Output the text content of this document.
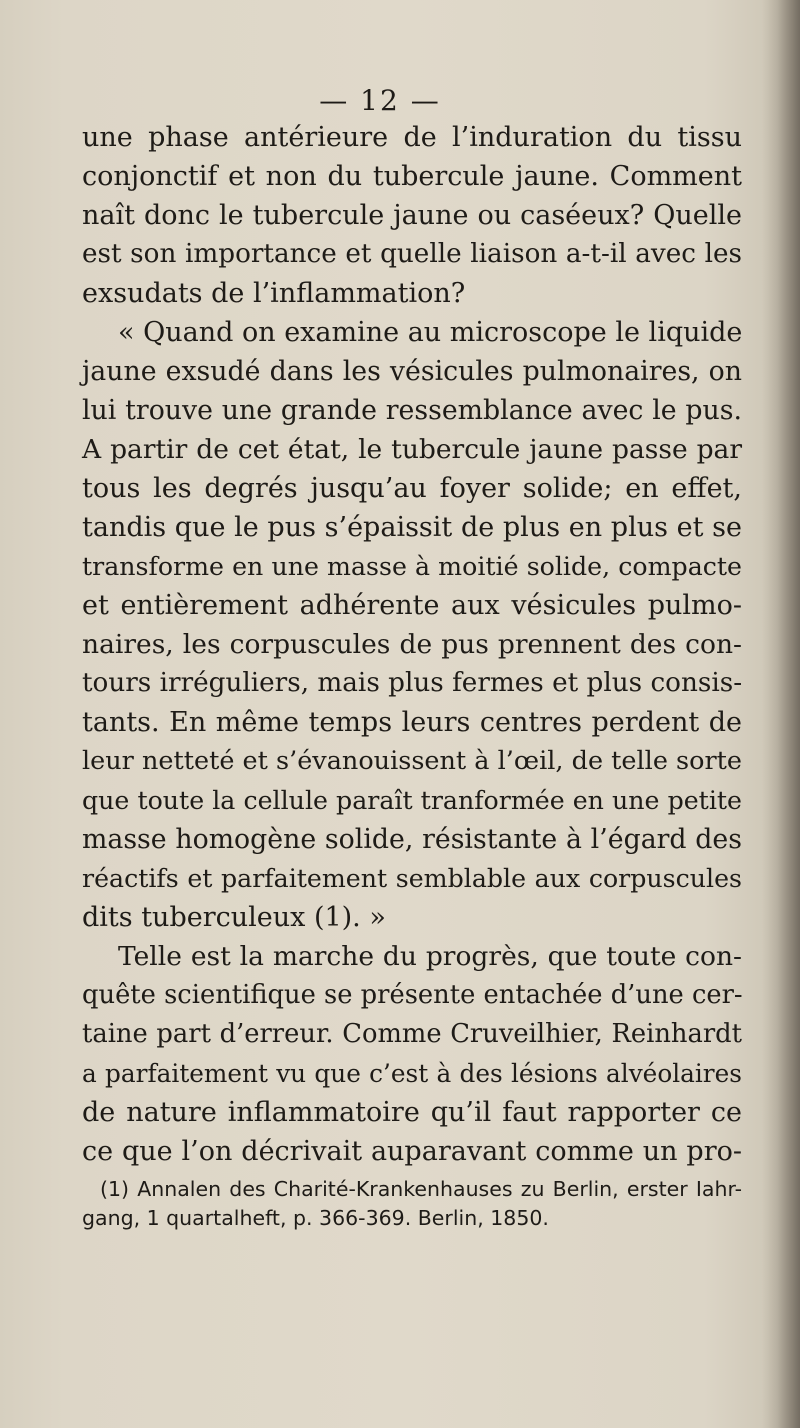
— 12 —
une phase antérieure de l’induration du tissu
conjonctif et non du tubercule jaune. Comment
naît donc le tubercule jaune ou caséeux? Quelle
est son importance et quelle liaison a-t-il avec les
exsudats de l’inflammation?
« Quand on examine au microscope le liquide
jaune exsudé dans les vésicules pulmonaires, on
lui trouve une grande ressemblance avec le pus.
A partir de cet état, le tubercule jaune passe par
tous les degrés jusqu’au foyer solide; en effet,
tandis que le pus s’épaissit de plus en plus et se
transforme en une masse à moitié solide, compacte
et entièrement adhérente aux vésicules pulmo-
naires, les corpuscules de pus prennent des con-
tours irréguliers, mais plus fermes et plus consis-
tants. En même temps leurs centres perdent de
leur netteté et s’évanouissent à l’œil, de telle sorte
que toute la cellule paraît tranformée en une petite
masse homogène solide, résistante à l’égard des
réactifs et parfaitement semblable aux corpuscules
dits tuberculeux (1). »
Telle est la marche du progrès, que toute con-
quête scientifique se présente entachée d’une cer-
taine part d’erreur. Comme Cruveilhier, Reinhardt
a parfaitement vu que c’est à des lésions alvéolaires
de nature inflammatoire qu’il faut rapporter ce
ce que l’on décrivait auparavant comme un pro-
(1) Annalen des Charité-Krankenhauses zu Berlin, erster Iahr-
gang, 1 quartalheft, p. 366-369. Berlin, 1850.
